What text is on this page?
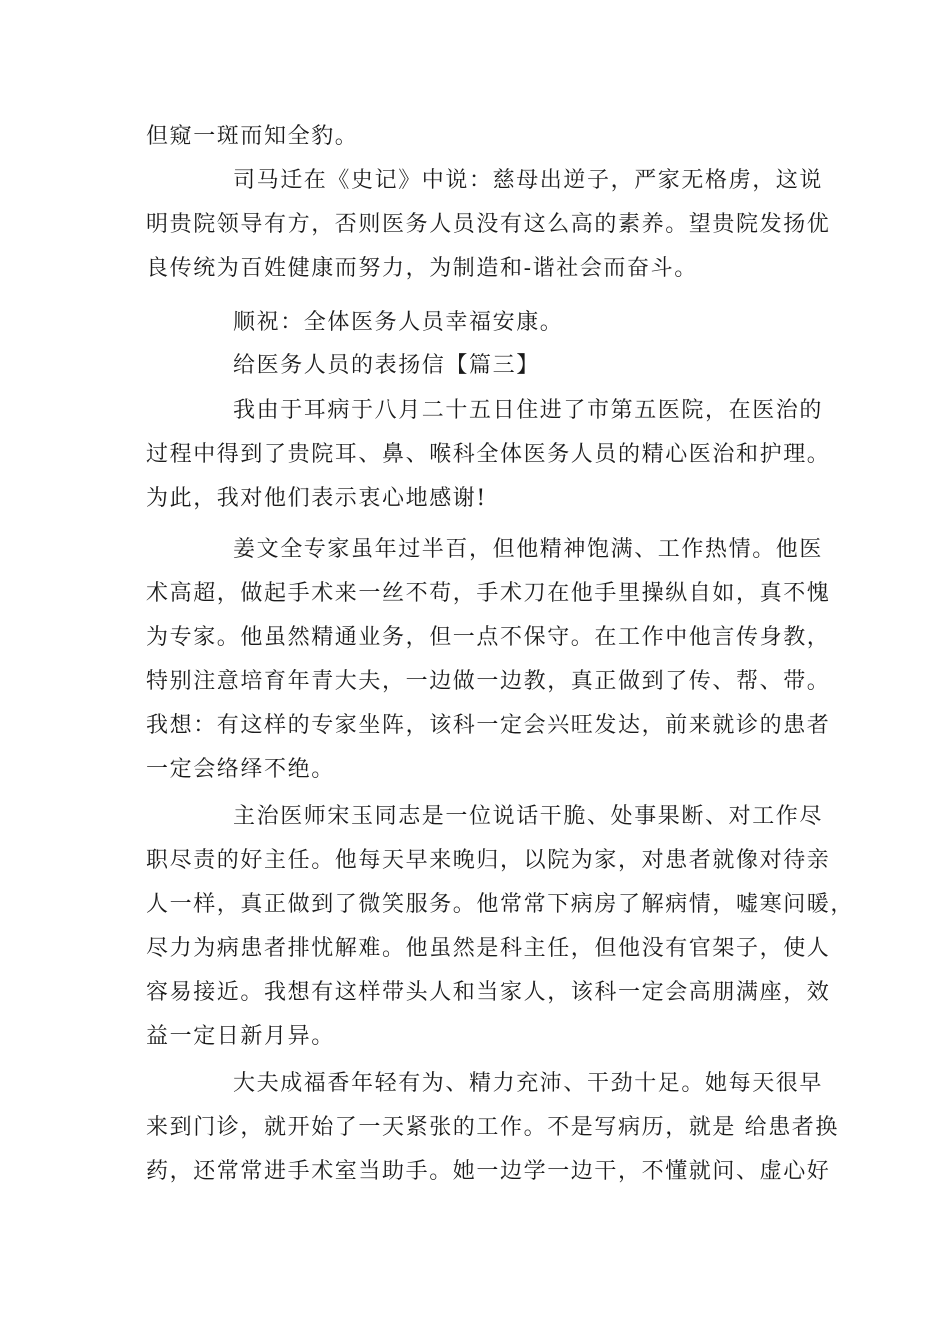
但窥一斑而知全豹。
司马迁在《史记》中说：慈母出逆子，严家无格虏，这说
明贵院领导有方，否则医务人员没有这么高的素养。望贵院发扬优
良传统为百姓健康而努力，为制造和-谐社会而奋斗。
顺祝：全体医务人员幸福安康。
给医务人员的表扬信【篇三】
我由于耳病于八月二十五日住进了市第五医院，在医治的
过程中得到了贵院耳、鼻、喉科全体医务人员的精心医治和护理。
为此，我对他们表示衷心地感谢!
姜文全专家虽年过半百，但他精神饱满、工作热情。他医
术高超，做起手术来一丝不苟，手术刀在他手里操纵自如，真不愧
为专家。他虽然精通业务，但一点不保守。在工作中他言传身教，
特别注意培育年青大夫，一边做一边教，真正做到了传、帮、带。
我想：有这样的专家坐阵，该科一定会兴旺发达，前来就诊的患者
一定会络绎不绝。
主治医师宋玉同志是一位说话干脆、处事果断、对工作尽
职尽责的好主任。他每天早来晚归，以院为家，对患者就像对待亲
人一样，真正做到了微笑服务。他常常下病房了解病情，嘘寒问暖，
尽力为病患者排忧解难。他虽然是科主任，但他没有官架子，使人
容易接近。我想有这样带头人和当家人，该科一定会高朋满座，效
益一定日新月异。
大夫成福香年轻有为、精力充沛、干劲十足。她每天很早
来到门诊，就开始了一天紧张的工作。不是写病历，就是 给患者换
药，还常常进手术室当助手。她一边学一边干，不懂就问、虚心好
